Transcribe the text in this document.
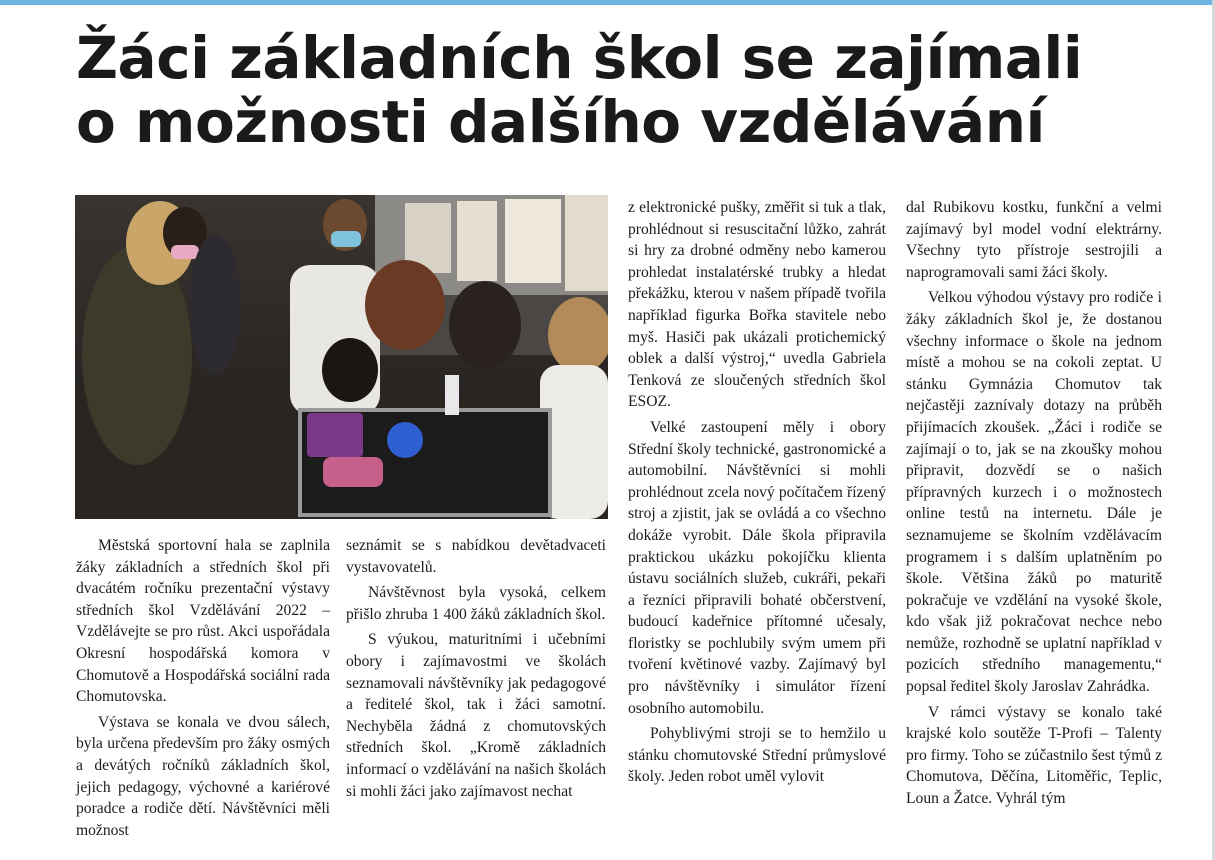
Žáci základních škol se zajímali
o možnosti dalšího vzdělávání

Městská sportovní hala se zaplnila žáky základních a středních škol při dvacátém ročníku prezentační výstavy středních škol Vzdělávání 2022 – Vzdělávejte se pro růst. Akci uspořádala Okresní hospodářská komora v Chomutově a Hospodářská sociální rada Chomutovska.

Výstava se konala ve dvou sálech, byla určena především pro žáky osmých a devátých ročníků základních škol, jejich pedagogy, výchovné a kariérové poradce a rodiče dětí. Návštěvníci měli možnost

seznámit se s nabídkou devětadvaceti vystavovatelů.

Návštěvnost byla vysoká, celkem přišlo zhruba 1 400 žáků základních škol.

S výukou, maturitními i učebními obory i zajímavostmi ve školách seznamovali návštěvníky jak pedagogové a ředitelé škol, tak i žáci samotní. Nechyběla žádná z chomutovských středních škol. „Kromě základních informací o vzdělávání na našich školách si mohli žáci jako zajímavost nechat

z elektronické pušky, změřit si tuk a tlak, prohlédnout si resuscitační lůžko, zahrát si hry za drobné odměny nebo kamerou prohledat instalatérské trubky a hledat překážku, kterou v našem případě tvořila například figurka Bořka stavitele nebo myš. Hasiči pak ukázali protichemický oblek a další výstroj,“ uvedla Gabriela Tenková ze sloučených středních škol ESOZ.

Velké zastoupení měly i obory Střední školy technické, gastronomické a automobilní. Návštěvníci si mohli prohlédnout zcela nový počítačem řízený stroj a zjistit, jak se ovládá a co všechno dokáže vyrobit. Dále škola připravila praktickou ukázku pokojíčku klienta ústavu sociálních služeb, cukráři, pekaři a řezníci připravili bohaté občerstvení, budoucí kadeřnice přítomné učesaly, floristky se pochlubily svým umem při tvoření květinové vazby. Zajímavý byl pro návštěvníky i simulátor řízení osobního automobilu.

Pohyblivými stroji se to hemžilo u stánku chomutovské Střední průmyslové školy. Jeden robot uměl vylovit

dal Rubikovu kostku, funkční a velmi zajímavý byl model vodní elektrárny. Všechny tyto přístroje sestrojili a naprogramovali sami žáci školy.

Velkou výhodou výstavy pro rodiče i žáky základních škol je, že dostanou všechny informace o škole na jednom místě a mohou se na cokoli zeptat. U stánku Gymnázia Chomutov tak nejčastěji zaznívaly dotazy na průběh přijímacích zkoušek. „Žáci i rodiče se zajímají o to, jak se na zkoušky mohou připravit, dozvědí se o našich přípravných kurzech i o možnostech online testů na internetu. Dále je seznamujeme se školním vzdělávacím programem i s dalším uplatněním po škole. Většina žáků po maturitě pokračuje ve vzdělání na vysoké škole, kdo však již pokračovat nechce nebo nemůže, rozhodně se uplatní například v pozicích středního managementu,“ popsal ředitel školy Jaroslav Zahrádka.

V rámci výstavy se konalo také krajské kolo soutěže T-Profi – Talenty pro firmy. Toho se zúčastnilo šest týmů z Chomutova, Děčína, Litoměřic, Teplic, Loun a Žatce. Vyhrál tým
